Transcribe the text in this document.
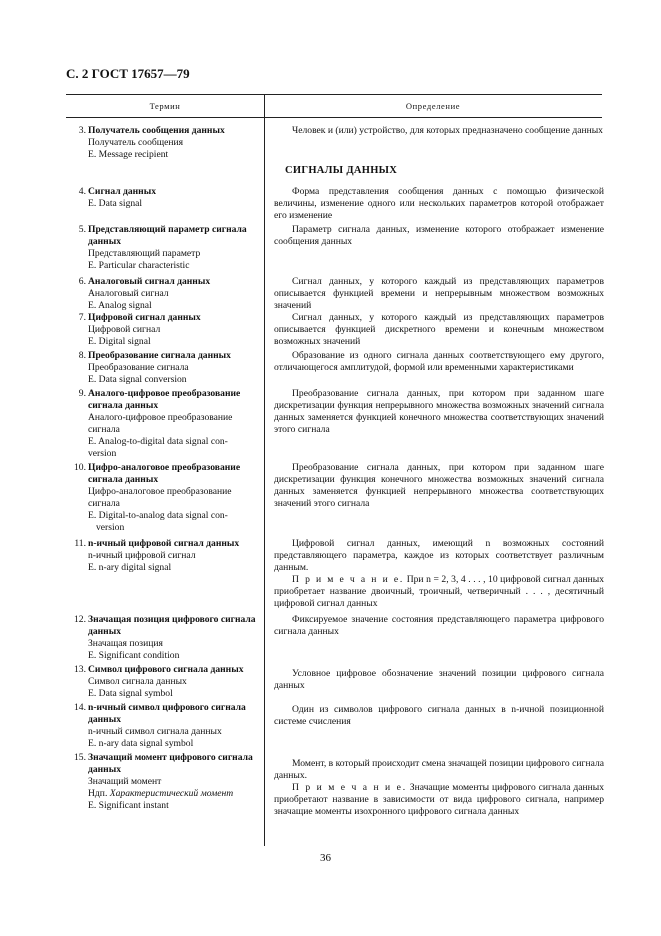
С. 2 ГОСТ 17657—79
Термин	Определение
3. Получатель сообщения данных
Получатель сообщения
E. Message recipient

Человек и (или) устройство, для которых предназначено сообщение данных

СИГНАЛЫ ДАННЫХ
4. Сигнал данных
E. Data signal

Форма представления сообщения данных с помощью физической величины, изменение одного или нескольких параметров которой отображает его изменение

5. Представляющий параметр сигнала
данных
Представляющий параметр
E. Particular characteristic

Параметр сигнала данных, изменение которого отображает изменение сообщения данных

6. Аналоговый сигнал данных
Аналоговый сигнал
E. Analog signal

Сигнал данных, у которого каждый из представляющих параметров описывается функцией времени и непрерывным множеством возможных значений

7. Цифровой сигнал данных
Цифровой сигнал
E. Digital signal

Сигнал данных, у которого каждый из представляющих параметров описывается функцией дискретного времени и конечным множеством возможных значений

8. Преобразование сигнала данных
Преобразование сигнала
E. Data signal conversion

Образование из одного сигнала данных соответствующего ему другого, отличающегося амплитудой, формой или временными характеристиками

9. Аналого-цифровое преобразование
сигнала данных
Аналого-цифровое преобразование
сигнала
E. Analog-to-digital data signal con-
version

Преобразование сигнала данных, при котором при заданном шаге дискретизации функция непрерывного множества возможных значений сигнала данных заменяется функцией конечного множества соответствующих значений этого сигнала

10. Цифро-аналоговое преобразование
сигнала данных
Цифро-аналоговое преобразование
сигнала
E. Digital-to-analog data signal con-
version

Преобразование сигнала данных, при котором при заданном шаге дискретизации функция конечного множества возможных значений сигнала данных заменяется функцией непрерывного множества соответствующих значений этого сигнала

11. n-ичный цифровой сигнал данных
n-ичный цифровой сигнал
E. n-ary digital signal

Цифровой сигнал данных, имеющий n возможных состояний представляющего параметра, каждое из которых соответствует различным данным.

П р и м е ч а н и е. При n = 2, 3, 4 . . . , 10 цифровой сигнал данных приобретает название двоичный, троичный, четверичный . . . , десятичный цифровой сигнал данных

12. Значащая позиция цифрового сигнала
данных
Значащая позиция
E. Significant condition

Фиксируемое значение состояния представляющего параметра цифрового сигнала данных

13. Символ цифрового сигнала данных
Символ сигнала данных
E. Data signal symbol

Условное цифровое обозначение значений позиции цифрового сигнала данных

14. n-ичный символ цифрового сигнала
данных
n-ичный символ сигнала данных
E. n-ary data signal symbol

Один из символов цифрового сигнала данных в n-ичной позиционной системе счисления

15. Значащий момент цифрового сигнала
данных
Значащий момент
Ндп. Характеристический момент
E. Significant instant

Момент, в который происходит смена значащей позиции цифрового сигнала данных.

П р и м е ч а н и е. Значащие моменты цифрового сигнала данных приобретают название в зависимости от вида цифрового сигнала, например значащие моменты изохронного цифрового сигнала данных

36
